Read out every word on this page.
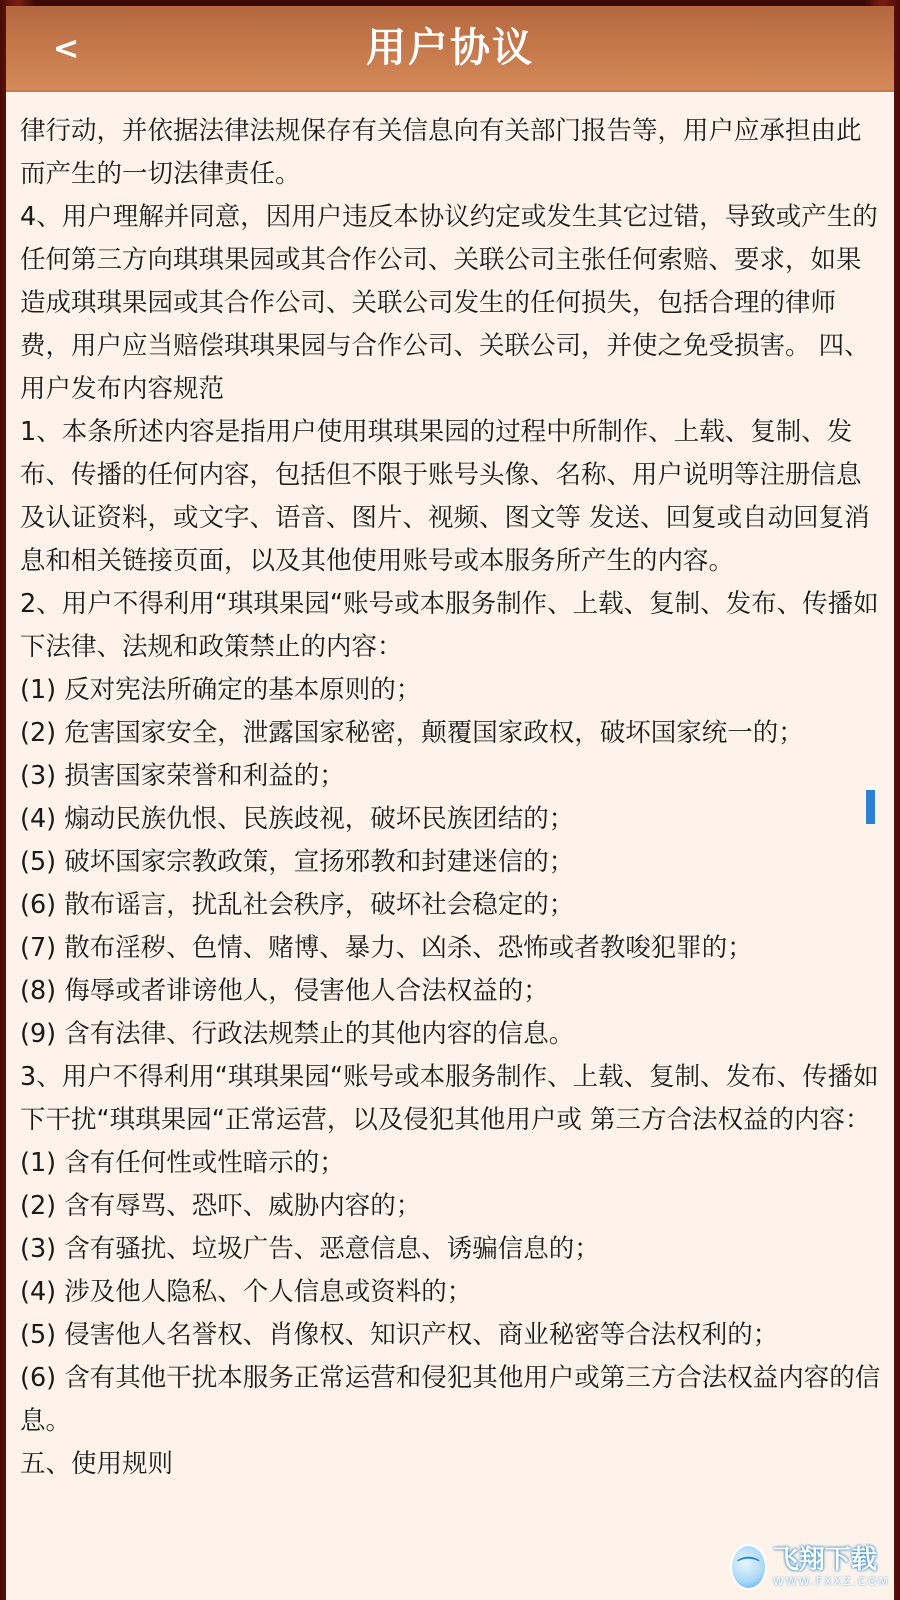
用户协议
<

律行动，并依据法律法规保存有关信息向有关部门报告等，用户应承担由此而产生的一切法律责任。

4、用户理解并同意，因用户违反本协议约定或发生其它过错，导致或产生的任何第三方向琪琪果园或其合作公司、关联公司主张任何索赔、要求，如果造成琪琪果园或其合作公司、关联公司发生的任何损失，包括合理的律师费，用户应当赔偿琪琪果园与合作公司、关联公司，并使之免受损害。 四、用户发布内容规范

1、本条所述内容是指用户使用琪琪果园的过程中所制作、上载、复制、发布、传播的任何内容，包括但不限于账号头像、名称、用户说明等注册信息及认证资料，或文字、语音、图片、视频、图文等 发送、回复或自动回复消息和相关链接页面，以及其他使用账号或本服务所产生的内容。

2、用户不得利用“琪琪果园“账号或本服务制作、上载、复制、发布、传播如下法律、法规和政策禁止的内容：

(1) 反对宪法所确定的基本原则的；

(2) 危害国家安全，泄露国家秘密，颠覆国家政权，破坏国家统一的；

(3) 损害国家荣誉和利益的；

(4) 煽动民族仇恨、民族歧视，破坏民族团结的；

(5) 破坏国家宗教政策，宣扬邪教和封建迷信的；

(6) 散布谣言，扰乱社会秩序，破坏社会稳定的；

(7) 散布淫秽、色情、赌博、暴力、凶杀、恐怖或者教唆犯罪的；

(8) 侮辱或者诽谤他人，侵害他人合法权益的；

(9) 含有法律、行政法规禁止的其他内容的信息。

3、用户不得利用“琪琪果园“账号或本服务制作、上载、复制、发布、传播如下干扰“琪琪果园“正常运营，以及侵犯其他用户或 第三方合法权益的内容：

(1) 含有任何性或性暗示的；

(2) 含有辱骂、恐吓、威胁内容的；

(3) 含有骚扰、垃圾广告、恶意信息、诱骗信息的；

(4) 涉及他人隐私、个人信息或资料的；

(5) 侵害他人名誉权、肖像权、知识产权、商业秘密等合法权利的；

(6) 含有其他干扰本服务正常运营和侵犯其他用户或第三方合法权益内容的信息。

五、使用规则

⌒ 飞翔下载
WWW.FXXZ.COM
